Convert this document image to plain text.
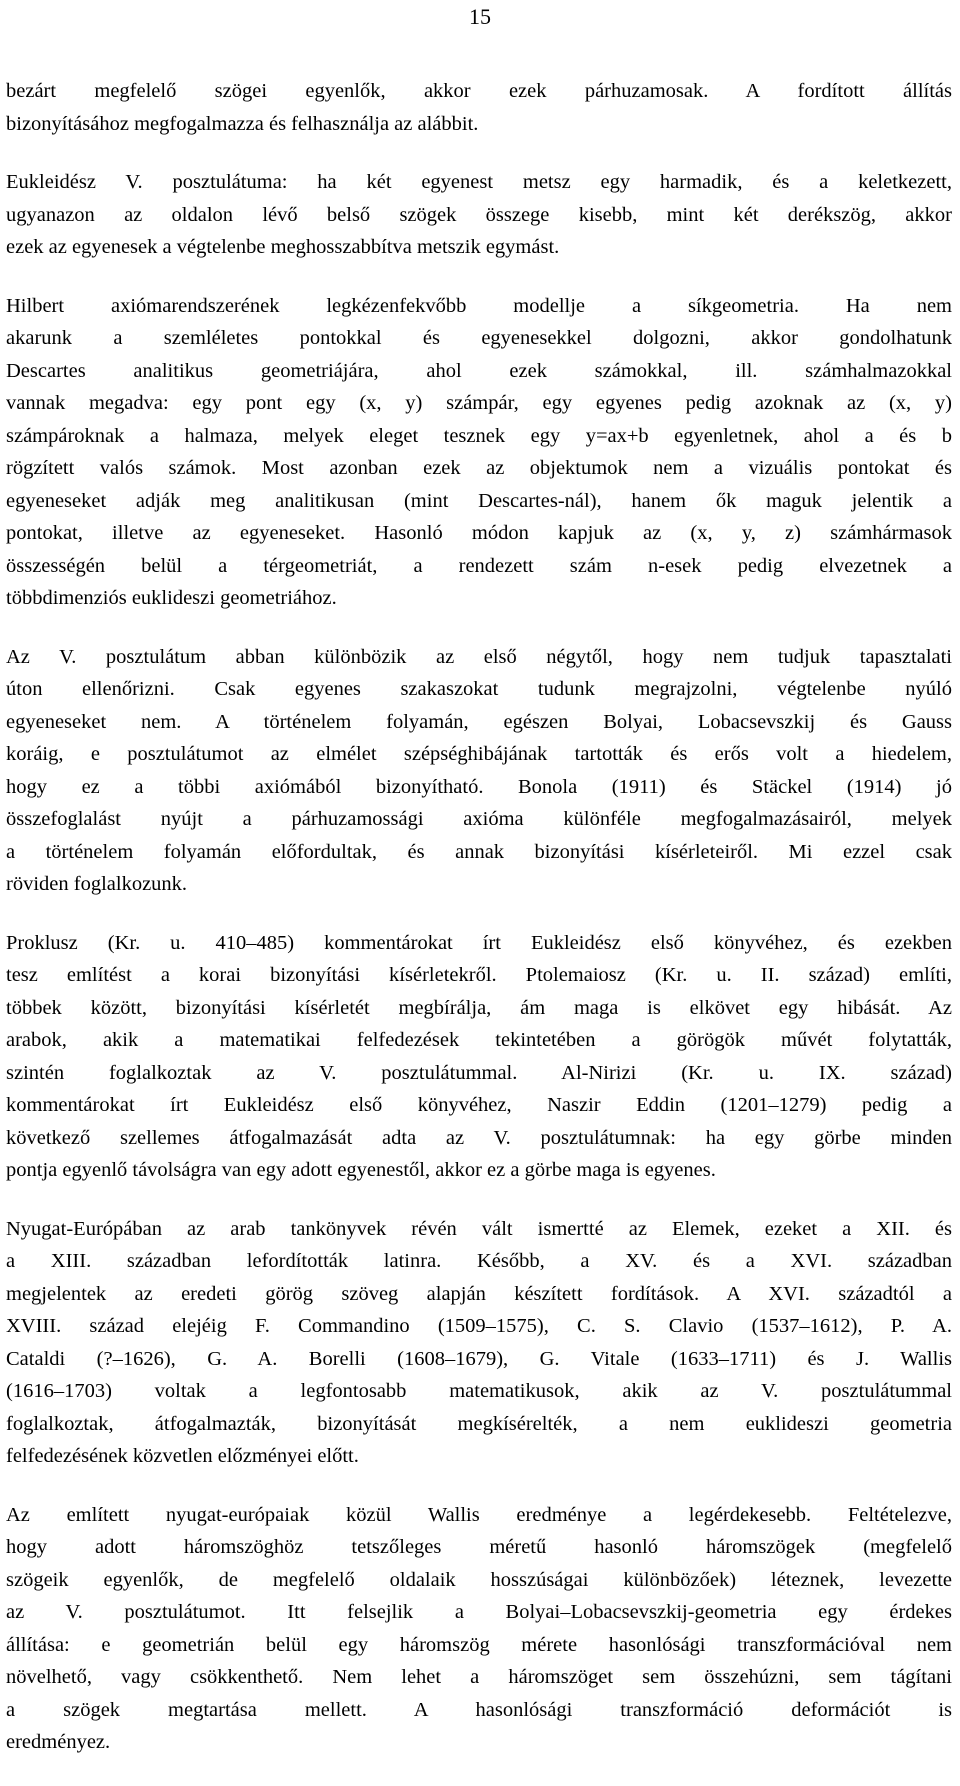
15

bezárt megfelelő szögei egyenlők, akkor ezek párhuzamosak. A fordított állítás
bizonyításához megfogalmazza és felhasználja az alábbit.

Eukleidész V. posztulátuma: ha két egyenest metsz egy harmadik, és a keletkezett,
ugyanazon az oldalon lévő belső szögek összege kisebb, mint két derékszög, akkor
ezek az egyenesek a végtelenbe meghosszabbítva metszik egymást.

Hilbert axiómarendszerének legkézenfekvőbb modellje a síkgeometria. Ha nem
akarunk a szemléletes pontokkal és egyenesekkel dolgozni, akkor gondolhatunk
Descartes analitikus geometriájára, ahol ezek számokkal, ill. számhalmazokkal
vannak megadva: egy pont egy (x, y) számpár, egy egyenes pedig azoknak az (x, y)
számpároknak a halmaza, melyek eleget tesznek egy y=ax+b egyenletnek, ahol a és b
rögzített valós számok. Most azonban ezek az objektumok nem a vizuális pontokat és
egyeneseket adják meg analitikusan (mint Descartes-nál), hanem ők maguk jelentik a
pontokat, illetve az egyeneseket. Hasonló módon kapjuk az (x, y, z) számhármasok
összességén belül a térgeometriát, a rendezett szám n-esek pedig elvezetnek a
többdimenziós euklideszi geometriához.

Az V. posztulátum abban különbözik az első négytől, hogy nem tudjuk tapasztalati
úton ellenőrizni. Csak egyenes szakaszokat tudunk megrajzolni, végtelenbe nyúló
egyeneseket nem. A történelem folyamán, egészen Bolyai, Lobacsevszkij és Gauss
koráig, e posztulátumot az elmélet szépséghibájának tartották és erős volt a hiedelem,
hogy ez a többi axiómából bizonyítható. Bonola (1911) és Stäckel (1914) jó
összefoglalást nyújt a párhuzamossági axióma különféle megfogalmazásairól, melyek
a történelem folyamán előfordultak, és annak bizonyítási kísérleteiről. Mi ezzel csak
röviden foglalkozunk.

Proklusz (Kr. u. 410–485) kommentárokat írt Eukleidész első könyvéhez, és ezekben
tesz említést a korai bizonyítási kísérletekről. Ptolemaiosz (Kr. u. II. század) említi,
többek között, bizonyítási kísérletét megbírálja, ám maga is elkövet egy hibását. Az
arabok, akik a matematikai felfedezések tekintetében a görögök művét folytatták,
szintén foglalkoztak az V. posztulátummal. Al-Nirizi (Kr. u. IX. század)
kommentárokat írt Eukleidész első könyvéhez, Naszir Eddin (1201–1279) pedig a
következő szellemes átfogalmazását adta az V. posztulátumnak: ha egy görbe minden
pontja egyenlő távolságra van egy adott egyenestől, akkor ez a görbe maga is egyenes.

Nyugat-Európában az arab tankönyvek révén vált ismertté az Elemek, ezeket a XII. és
a XIII. században lefordították latinra. Később, a XV. és a XVI. században
megjelentek az eredeti görög szöveg alapján készített fordítások. A XVI. századtól a
XVIII. század elejéig F. Commandino (1509–1575), C. S. Clavio (1537–1612), P. A.
Cataldi (?–1626), G. A. Borelli (1608–1679), G. Vitale (1633–1711) és J. Wallis
(1616–1703) voltak a legfontosabb matematikusok, akik az V. posztulátummal
foglalkoztak, átfogalmazták, bizonyítását megkísérelték, a nem euklideszi geometria
felfedezésének közvetlen előzményei előtt.

Az említett nyugat-európaiak közül Wallis eredménye a legérdekesebb. Feltételezve,
hogy adott háromszöghöz tetszőleges méretű hasonló háromszögek (megfelelő
szögeik egyenlők, de megfelelő oldalaik hosszúságai különbözőek) léteznek, levezette
az V. posztulátumot. Itt felsejlik a Bolyai–Lobacsevszkij-geometria egy érdekes
állítása: e geometrián belül egy háromszög mérete hasonlósági transzformációval nem
növelhető, vagy csökkenthető. Nem lehet a háromszöget sem összehúzni, sem tágítani
a szögek megtartása mellett. A hasonlósági transzformáció deformációt is
eredményez.
